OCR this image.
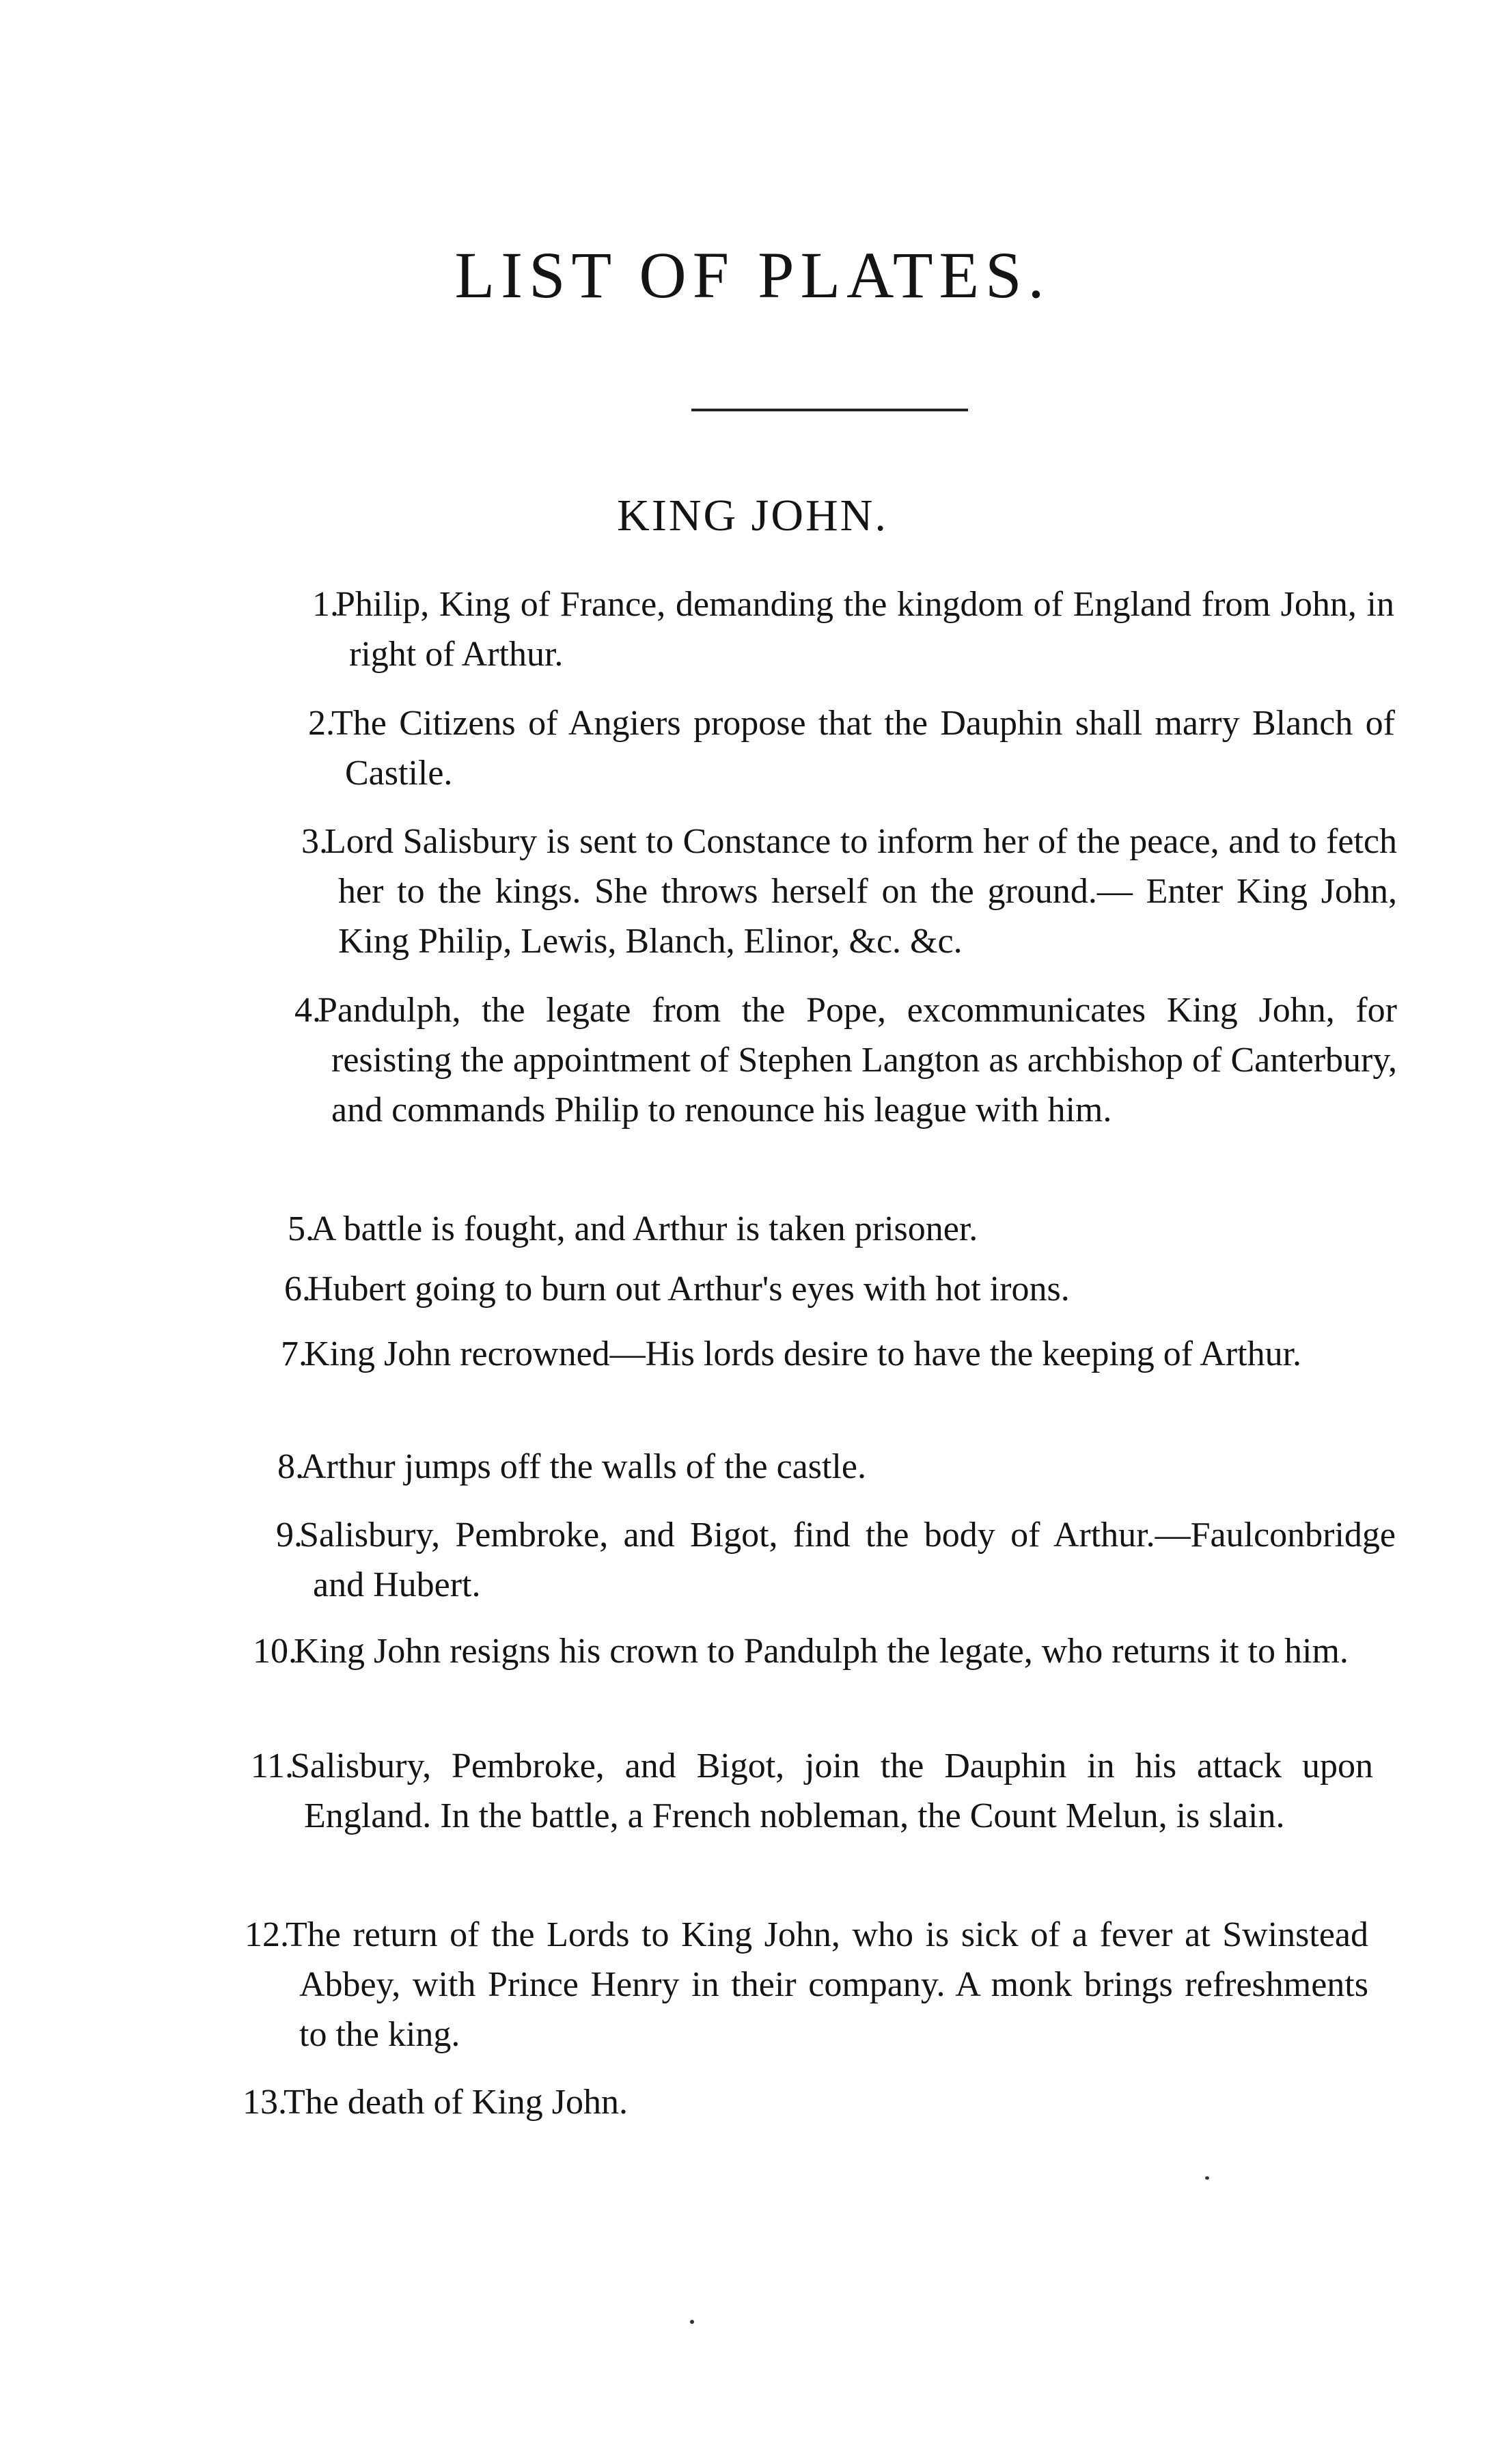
LIST OF PLATES.
KING JOHN.
1.
Philip, King of France, demanding the kingdom of England from John, in right of Arthur.
2.
The Citizens of Angiers propose that the Dauphin shall marry Blanch of Castile.
3.
Lord Salisbury is sent to Constance to inform her of the peace, and to fetch her to the kings. She throws herself on the ground.— Enter King John, King Philip, Lewis, Blanch, Elinor, &c. &c.
4.
Pandulph, the legate from the Pope, excommunicates King John, for resisting the appointment of Stephen Langton as archbishop of Canterbury, and commands Philip to renounce his league with him.
5.
A battle is fought, and Arthur is taken prisoner.
6.
Hubert going to burn out Arthur's eyes with hot irons.
7.
King John recrowned—His lords desire to have the keeping of Arthur.
8.
Arthur jumps off the walls of the castle.
9.
Salisbury, Pembroke, and Bigot, find the body of Arthur.—Faulconbridge and Hubert.
10.
King John resigns his crown to Pandulph the legate, who returns it to him.
11.
Salisbury, Pembroke, and Bigot, join the Dauphin in his attack upon England. In the battle, a French nobleman, the Count Melun, is slain.
12.
The return of the Lords to King John, who is sick of a fever at Swinstead Abbey, with Prince Henry in their company. A monk brings refreshments to the king.
13.
The death of King John.
